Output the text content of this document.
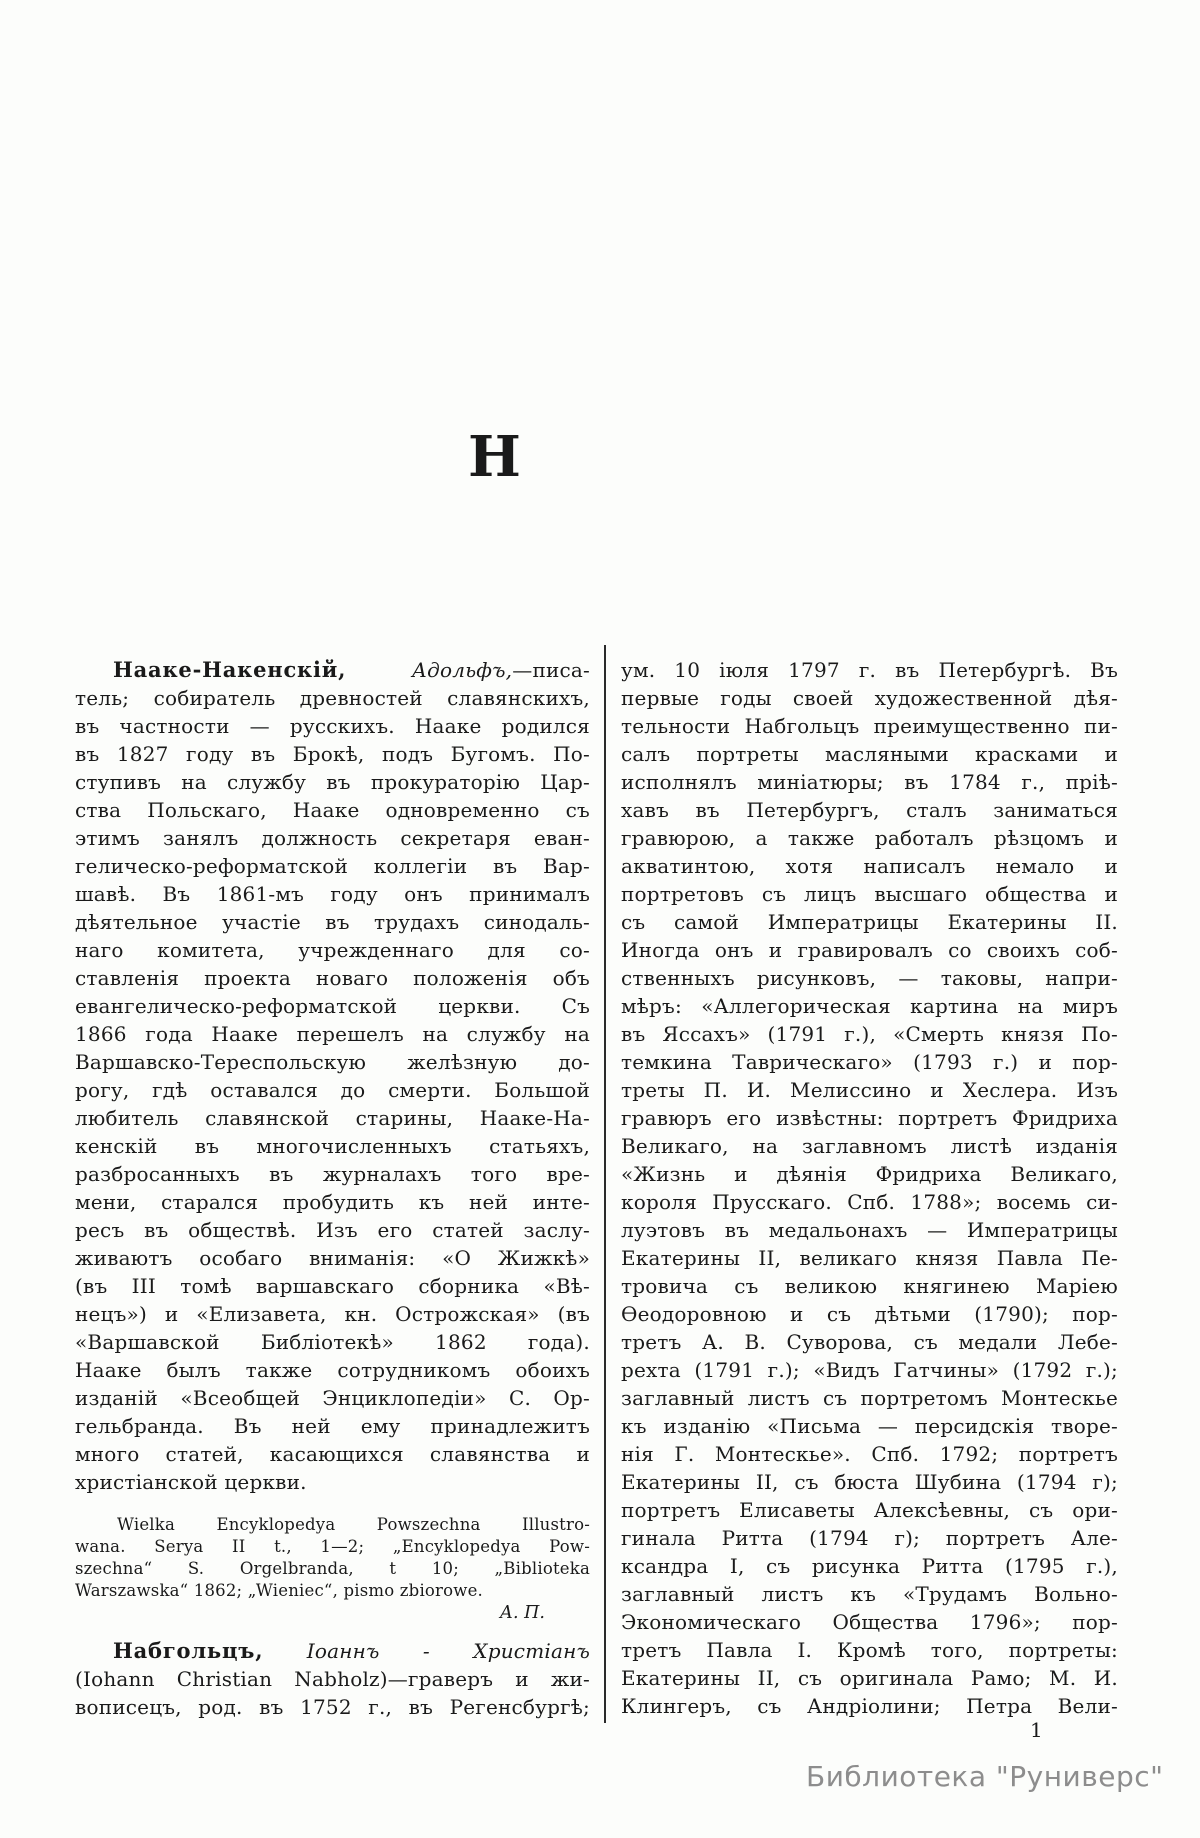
Н
Нааке-Накенскій,	Адольфъ,—писа-
тель; собиратель древностей славянскихъ,
въ частности — русскихъ. Нааке родился
въ 1827 году въ Брокѣ, подъ Бугомъ. По-
ступивъ на службу въ прокураторію Цар-
ства Польскаго, Нааке одновременно съ
этимъ занялъ должность секретаря еван-
гелическо-реформатской коллегіи въ Вар-
шавѣ. Въ 1861-мъ году онъ принималъ
дѣятельное участіе въ трудахъ синодаль-
наго комитета, учрежденнаго для со-
ставленія проекта новаго положенія объ
евангелическо-реформатской церкви. Съ
1866 года Нааке перешелъ на службу на
Варшавско-Тереспольскую желѣзную до-
рогу, гдѣ оставался до смерти. Большой
любитель славянской старины, Нааке-На-
кенскій въ многочисленныхъ статьяхъ,
разбросанныхъ въ журналахъ того вре-
мени, старался пробудить къ ней инте-
ресъ въ обществѣ. Изъ его статей заслу-
живаютъ особаго вниманія: «О Жижкѣ»
(въ III томѣ варшавскаго сборника «Вѣ-
нецъ») и «Елизавета, кн. Острожская» (въ
«Варшавской Библіотекѣ» 1862 года).
Нааке былъ также сотрудникомъ обоихъ
изданій «Всеобщей Энциклопедіи» С. Ор-
гельбранда. Въ ней ему принадлежитъ
много статей, касающихся славянства и
христіанской церкви.
Wielka Encyklopedya Powszechna Illustro-
wana. Serya II t., 1—2; „Encyklopedya Pow-
szechna“ S. Orgelbranda, t 10; „Biblioteka
Warszawska“ 1862; „Wieniec“, pismo zbiorowe.
А. П.
Набгольцъ, Іоаннъ - Христіанъ
(Iohann Christian Nabholz)—граверъ и жи-
вописецъ, род. въ 1752 г., въ Регенсбургѣ;
ум. 10 іюля 1797 г. въ Петербургѣ. Въ
первые годы своей художественной дѣя-
тельности Набгольцъ преимущественно пи-
салъ портреты масляными красками и
исполнялъ миніатюры; въ 1784 г., пріѣ-
хавъ въ Петербургъ, сталъ заниматься
гравюрою, а также работалъ рѣзцомъ и
акватинтою, хотя написалъ немало и
портретовъ съ лицъ высшаго общества и
съ самой Императрицы Екатерины II.
Иногда онъ и гравировалъ со своихъ соб-
ственныхъ рисунковъ, — таковы, напри-
мѣръ: «Аллегорическая картина на миръ
въ Яссахъ» (1791 г.), «Смерть князя По-
темкина Таврическаго» (1793 г.) и пор-
треты П. И. Мелиссино и Хеслера. Изъ
гравюръ его извѣстны: портретъ Фридриха
Великаго, на заглавномъ листѣ изданія
«Жизнь и дѣянія Фридриха Великаго,
короля Прусскаго. Спб. 1788»; восемь си-
луэтовъ въ медальонахъ — Императрицы
Екатерины II, великаго князя Павла Пе-
тровича съ великою княгинею Маріею
Ѳеодоровною и съ дѣтьми (1790); пор-
третъ А. В. Суворова, съ медали Лебе-
рехта (1791 г.); «Видъ Гатчины» (1792 г.);
заглавный листъ съ портретомъ Монтескье
къ изданію «Письма — персидскія творе-
нія Г. Монтескье». Спб. 1792; портретъ
Екатерины II, съ бюста Шубина (1794 г);
портретъ Елисаветы Алексѣевны, съ ори-
гинала Ритта (1794 г); портретъ Але-
ксандра I, съ рисунка Ритта (1795 г.),
заглавный листъ къ «Трудамъ Вольно-
Экономическаго Общества 1796»; пор-
третъ Павла I. Кромѣ того, портреты:
Екатерины II, съ оригинала Рамо; М. И.
Клингеръ, съ Андріолини; Петра Вели-
1
Библиотека "Руниверс"
